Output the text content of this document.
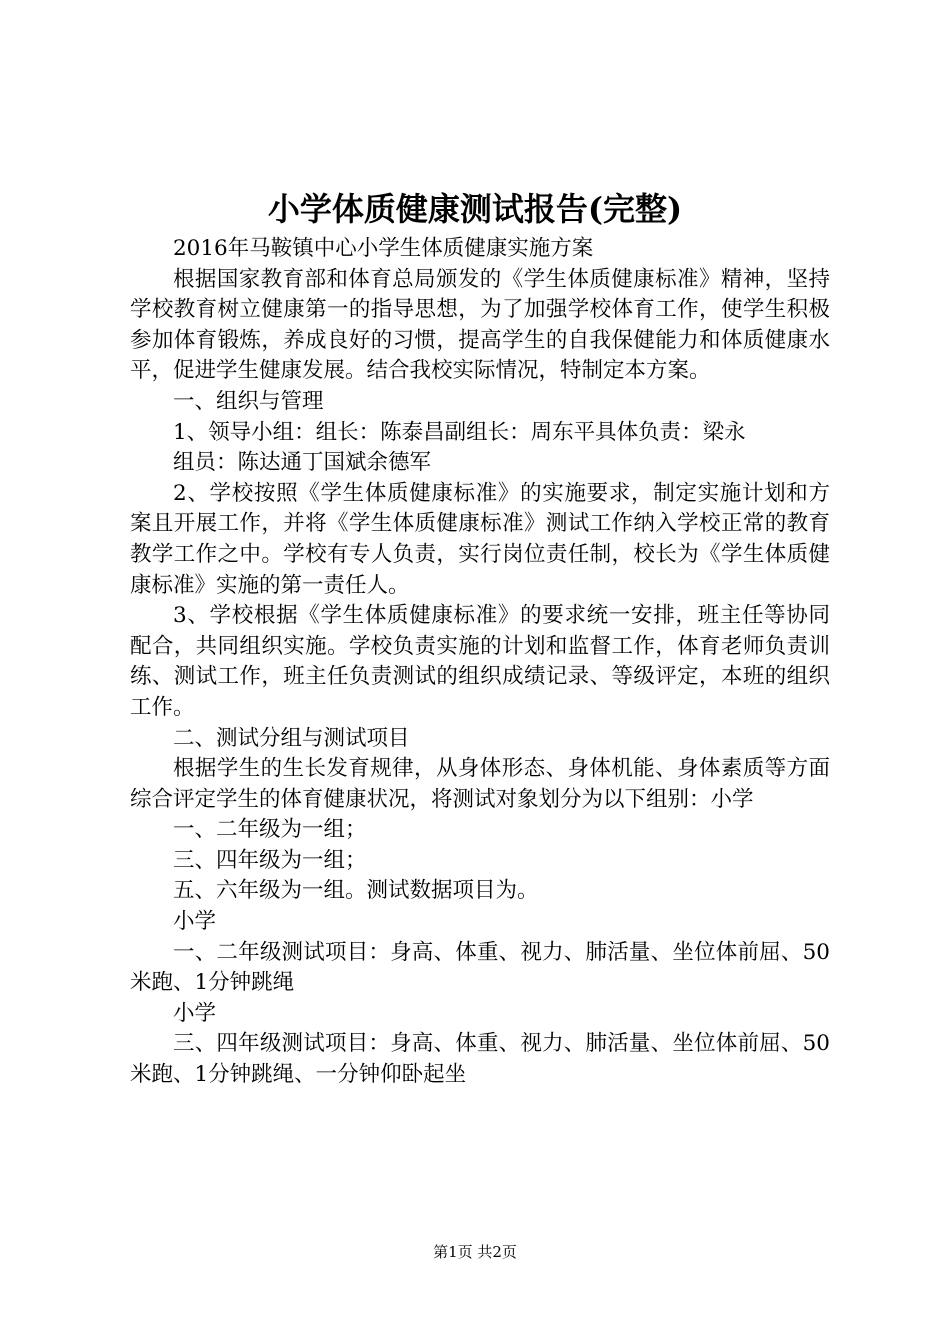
小学体质健康测试报告(完整)

2016年马鞍镇中心小学生体质健康实施方案

根据国家教育部和体育总局颁发的《学生体质健康标准》精神，坚持学校教育树立健康第一的指导思想，为了加强学校体育工作，使学生积极参加体育锻炼，养成良好的习惯，提高学生的自我保健能力和体质健康水平，促进学生健康发展。结合我校实际情况，特制定本方案。

一、组织与管理

1、领导小组：组长：陈泰昌副组长：周东平具体负责：梁永

组员：陈达通丁国斌余德军

2、学校按照《学生体质健康标准》的实施要求，制定实施计划和方案且开展工作，并将《学生体质健康标准》测试工作纳入学校正常的教育教学工作之中。学校有专人负责，实行岗位责任制，校长为《学生体质健康标准》实施的第一责任人。

3、学校根据《学生体质健康标准》的要求统一安排，班主任等协同配合，共同组织实施。学校负责实施的计划和监督工作，体育老师负责训练、测试工作，班主任负责测试的组织成绩记录、等级评定，本班的组织工作。

二、测试分组与测试项目

根据学生的生长发育规律，从身体形态、身体机能、身体素质等方面综合评定学生的体育健康状况，将测试对象划分为以下组别：小学

一、二年级为一组；

三、四年级为一组；

五、六年级为一组。测试数据项目为。

小学

一、二年级测试项目：身高、体重、视力、肺活量、坐位体前屈、50米跑、1分钟跳绳

小学

三、四年级测试项目：身高、体重、视力、肺活量、坐位体前屈、50米跑、1分钟跳绳、一分钟仰卧起坐

第1页 共2页
